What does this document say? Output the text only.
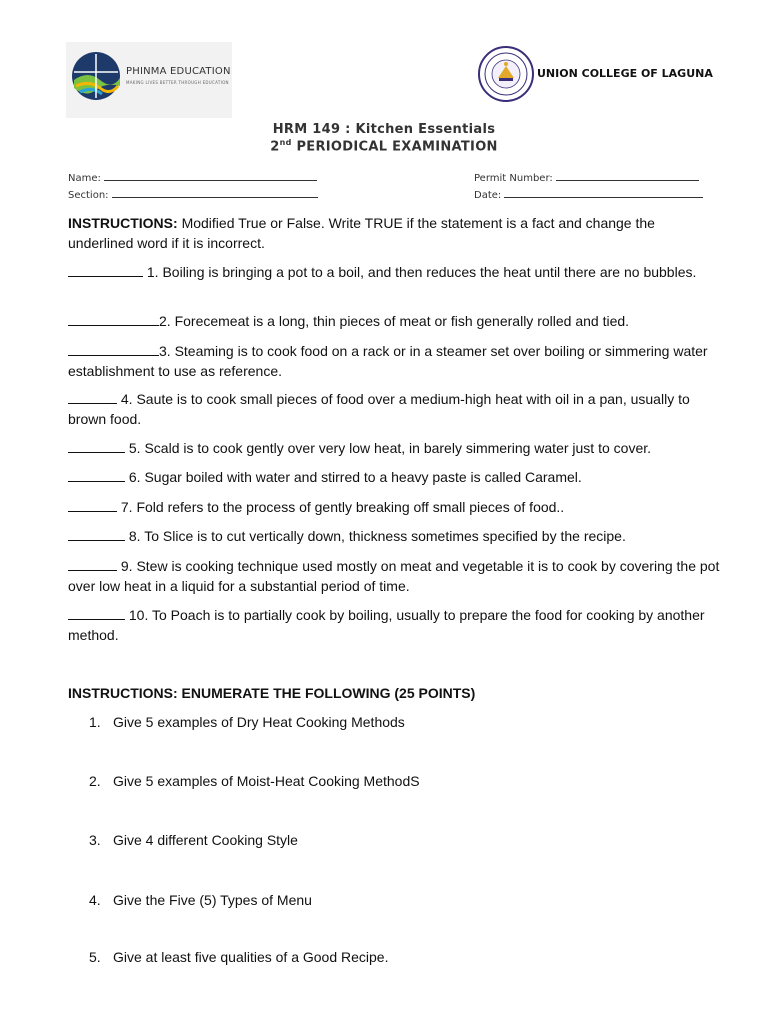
PHINMA EDUCATION
MAKING LIVES BETTER THROUGH EDUCATION
UNION COLLEGE OF LAGUNA
HRM 149 : Kitchen Essentials
2nd PERIODICAL EXAMINATION
Name:
Section:
Permit Number:
Date:

INSTRUCTIONS: Modified True or False. Write TRUE if the statement is a fact and change the underlined word if it is incorrect.

1. Boiling is bringing a pot to a boil, and then reduces the heat until there are no bubbles.

2. Forecemeat is a long, thin pieces of meat or fish generally rolled and tied.

3. Steaming is to cook food on a rack or in a steamer set over boiling or simmering water establishment to use as reference.

4. Saute is to cook small pieces of food over a medium-high heat with oil in a pan, usually to brown food.

5. Scald is to cook gently over very low heat, in barely simmering water just to cover.

6. Sugar boiled with water and stirred to a heavy paste is called Caramel.

7. Fold refers to the process of gently breaking off small pieces of food..

8. To Slice is to cut vertically down, thickness sometimes specified by the recipe.

9. Stew is cooking technique used mostly on meat and vegetable it is to cook by covering the pot over low heat in a liquid for a substantial period of time.

10. To Poach is to partially cook by boiling, usually to prepare the food for cooking by another method.

INSTRUCTIONS: ENUMERATE THE FOLLOWING (25 POINTS)
1. Give 5 examples of Dry Heat Cooking Methods
2. Give 5 examples of Moist-Heat Cooking MethodS
3. Give 4 different Cooking Style
4. Give the Five (5) Types of Menu
5. Give at least five qualities of a Good Recipe.
